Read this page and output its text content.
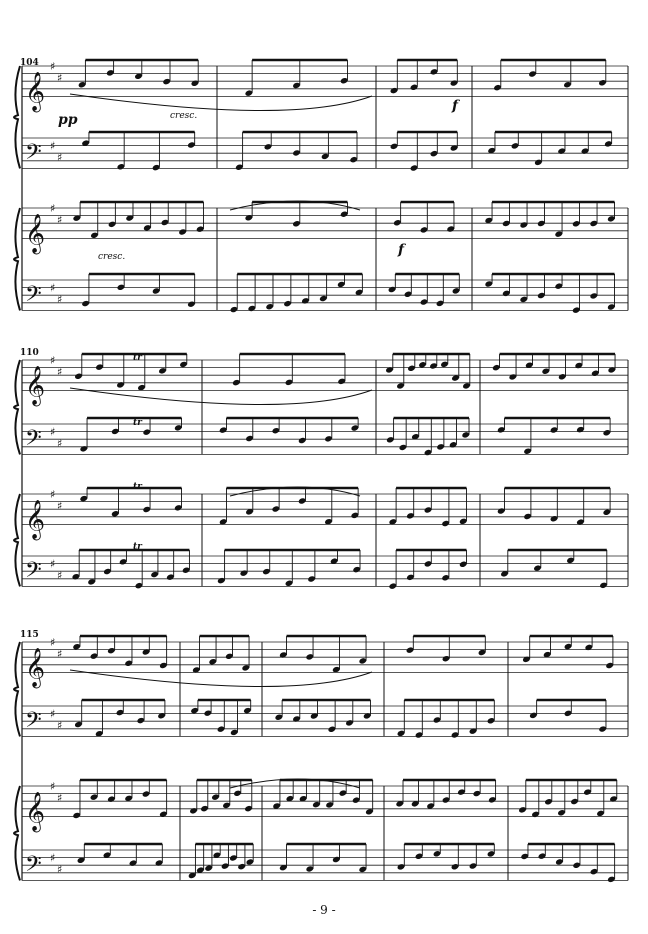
𝄞
♯
♯
𝄢 ♯
♯
𝄞
♯
♯
𝄢 ♯
♯
𝄞
♯
♯
𝄢 ♯
♯
𝄞
♯
♯
𝄢 ♯
♯
𝄞
♯
♯
𝄢 ♯
♯
𝄞
♯
♯
𝄢 ♯
♯
104
110
115
pp
f
f
cresc.
cresc.
tr
tr
tr
tr
- 9 -
